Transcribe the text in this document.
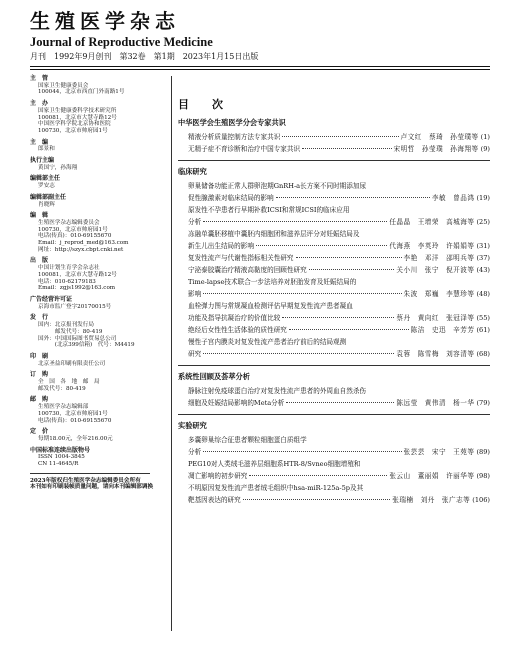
生殖医学杂志
Journal of Reproductive Medicine
月刊　1992年9月创刊　第32卷　第1期　2023年1月15日出版
主　管
国家卫生健康委员会
100044，北京市西直门外南路1号
主　办
国家卫生健康委科学技术研究所
100081，北京市大慧寺路12号
中国医学科学院北京协和医院
100730，北京市帅府园1号
主　编
郎景和
执行主编
黄国宁，孙海翔
编辑部主任
罗安志
编辑部副主任
肖晓辉
编　辑
生殖医学杂志编辑委员会
100730，北京市帅府园1号
电话(传真)：010-69155670
Email：j_reprod_med@163.com
网址：http://szyx.cbpt.cnki.net
出　版
中国计划生育学会杂志社
100081，北京市大慧寺路12号
电话：010-62179183
Email：zgjs1992@163.com
广告经营许可证
京海市监广登字20170015号
发　行
国内：北京报刊发行局
　　　邮发代号：80-419
国外：中国国际图书贸易总公司
　　　(北京399信箱)　代号：M4419
印　刷
北京圣益印刷有限责任公司
订　购
全　国　各　地　邮　局
邮发代号：80-419
邮　购
生殖医学杂志编辑部
100730，北京市帅府园1号
电话(传真)：010-69155670
定　价
每期18.00元，全年216.00元
中国标准连续出版物号
ISSN 1004-3845
CN 11-4645/R
2023年版权归生殖医学杂志编辑委员会所有
本刊如有印刷装帧质量问题，请向本刊编辑部调换
目　次
中华医学会生殖医学分会专家共识
精液分析质量控制方法专家共识	卢文红　蔡琦　孙莹璞等 (1)
无精子症不育诊断和治疗中国专家共识	宋明哲　孙莹璞　孙海翔等 (9)
临床研究
卵巢储备功能正常人群卵泡期GnRH-a长方案不同时期添加尿
促性腺激素对临床结局的影响	李敏　曾品鸿 (19)
原发性不孕患者行早期补救ICSI和常规ICSI的临床应用
分析	任晶晶　王增荣　高城海等 (25)
冻融单囊胚移植中囊胚内细胞团和滋养层评分对妊娠结局及
新生儿出生结局的影响	代海燕　李英玲　许娟娟等 (31)
复发性流产与代谢性指标相关性研究	李艳　邓洋　邵明兵等 (37)
宁泌泰胶囊治疗精液高黏度的回顾性研究	关小川　张宁　倪开波等 (43)
Time-lapse技术联合一步法培养对胚胎发育及妊娠结局的
影响	朱波　郑巍　李慧珍等 (48)
血栓弹力图与常规凝血检测评估早期复发性流产患者凝血
功能及指导抗凝治疗的价值比较	蔡丹　黄向红　张冠泽等 (55)
绝经后女性性生活体验的质性研究	陈洁　史迅　辛芳芳 (61)
慢性子宫内膜炎对复发性流产患者治疗前后的结局观测
研究	袁蓉　陈雪梅　刘容清等 (68)
系统性回顾及荟萃分析
静脉注射免疫球蛋白治疗对复发性流产患者的外周血自然杀伤
细胞及妊娠结局影响的Meta分析	陈远莹　黄伟清　杨一华 (79)
实验研究
多囊卵巢综合征患者颗粒细胞蛋白质组学
分析	张芸芸　宋宁　王苑等 (89)
PEG10对人类绒毛滋养层细胞系HTR-8/Svneo细胞增殖和
凋亡影响的初步研究	张云山　董丽娟　许丽华等 (98)
不明原因复发性流产患者绒毛组织中hsa-miR-125a-5p及其
靶基因表达的研究	张瑞楠　刘丹　张广志等 (106)
